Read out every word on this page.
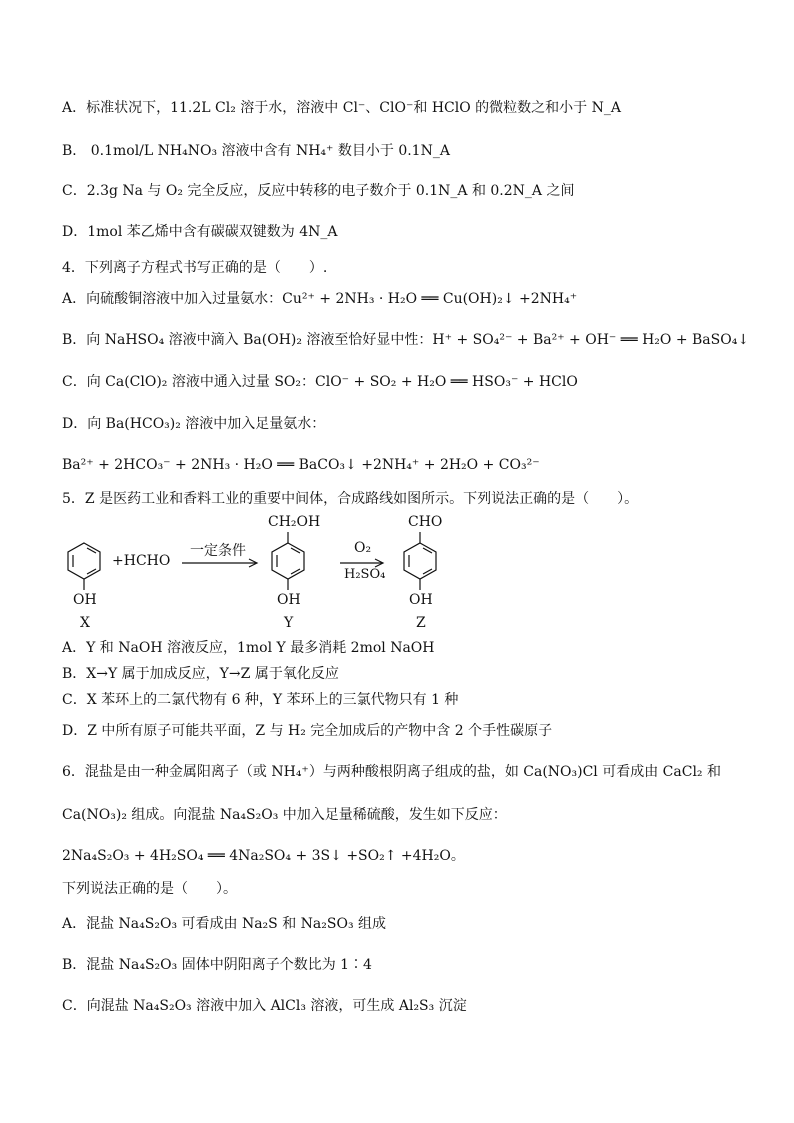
A．标准状况下，11.2L Cl₂ 溶于水，溶液中 Cl⁻、ClO⁻和 HClO 的微粒数之和小于 N_A
B． 0.1mol/L NH₄NO₃ 溶液中含有 NH₄⁺ 数目小于 0.1N_A
C．2.3g Na 与 O₂ 完全反应，反应中转移的电子数介于 0.1N_A 和 0.2N_A 之间
D．1mol 苯乙烯中含有碳碳双键数为 4N_A
4．下列离子方程式书写正确的是（　　）.
A．向硫酸铜溶液中加入过量氨水：Cu²⁺ + 2NH₃ · H₂O ══ Cu(OH)₂↓ +2NH₄⁺
B．向 NaHSO₄ 溶液中滴入 Ba(OH)₂ 溶液至恰好显中性：H⁺ + SO₄²⁻ + Ba²⁺ + OH⁻ ══ H₂O + BaSO₄↓
C．向 Ca(ClO)₂ 溶液中通入过量 SO₂：ClO⁻ + SO₂ + H₂O ══ HSO₃⁻ + HClO
D．向 Ba(HCO₃)₂ 溶液中加入足量氨水：
Ba²⁺ + 2HCO₃⁻ + 2NH₃ · H₂O ══ BaCO₃↓ +2NH₄⁺ + 2H₂O + CO₃²⁻
5．Z 是医药工业和香料工业的重要中间体，合成路线如图所示。下列说法正确的是（　　）。
OH
+HCHO
一定条件
CH₂OH
OH
O₂
H₂SO₄
CHO
OH
X	Y	Z
A．Y 和 NaOH 溶液反应，1mol Y 最多消耗 2mol NaOH
B．X→Y 属于加成反应，Y→Z 属于氧化反应
C．X 苯环上的二氯代物有 6 种，Y 苯环上的三氯代物只有 1 种
D．Z 中所有原子可能共平面，Z 与 H₂ 完全加成后的产物中含 2 个手性碳原子
6．混盐是由一种金属阳离子（或 NH₄⁺）与两种酸根阴离子组成的盐，如 Ca(NO₃)Cl 可看成由 CaCl₂ 和
Ca(NO₃)₂ 组成。向混盐 Na₄S₂O₃ 中加入足量稀硫酸，发生如下反应：
2Na₄S₂O₃ + 4H₂SO₄ ══ 4Na₂SO₄ + 3S↓ +SO₂↑ +4H₂O。
下列说法正确的是（　　）。
A．混盐 Na₄S₂O₃ 可看成由 Na₂S 和 Na₂SO₃ 组成
B．混盐 Na₄S₂O₃ 固体中阴阳离子个数比为 1∶4
C．向混盐 Na₄S₂O₃ 溶液中加入 AlCl₃ 溶液，可生成 Al₂S₃ 沉淀
